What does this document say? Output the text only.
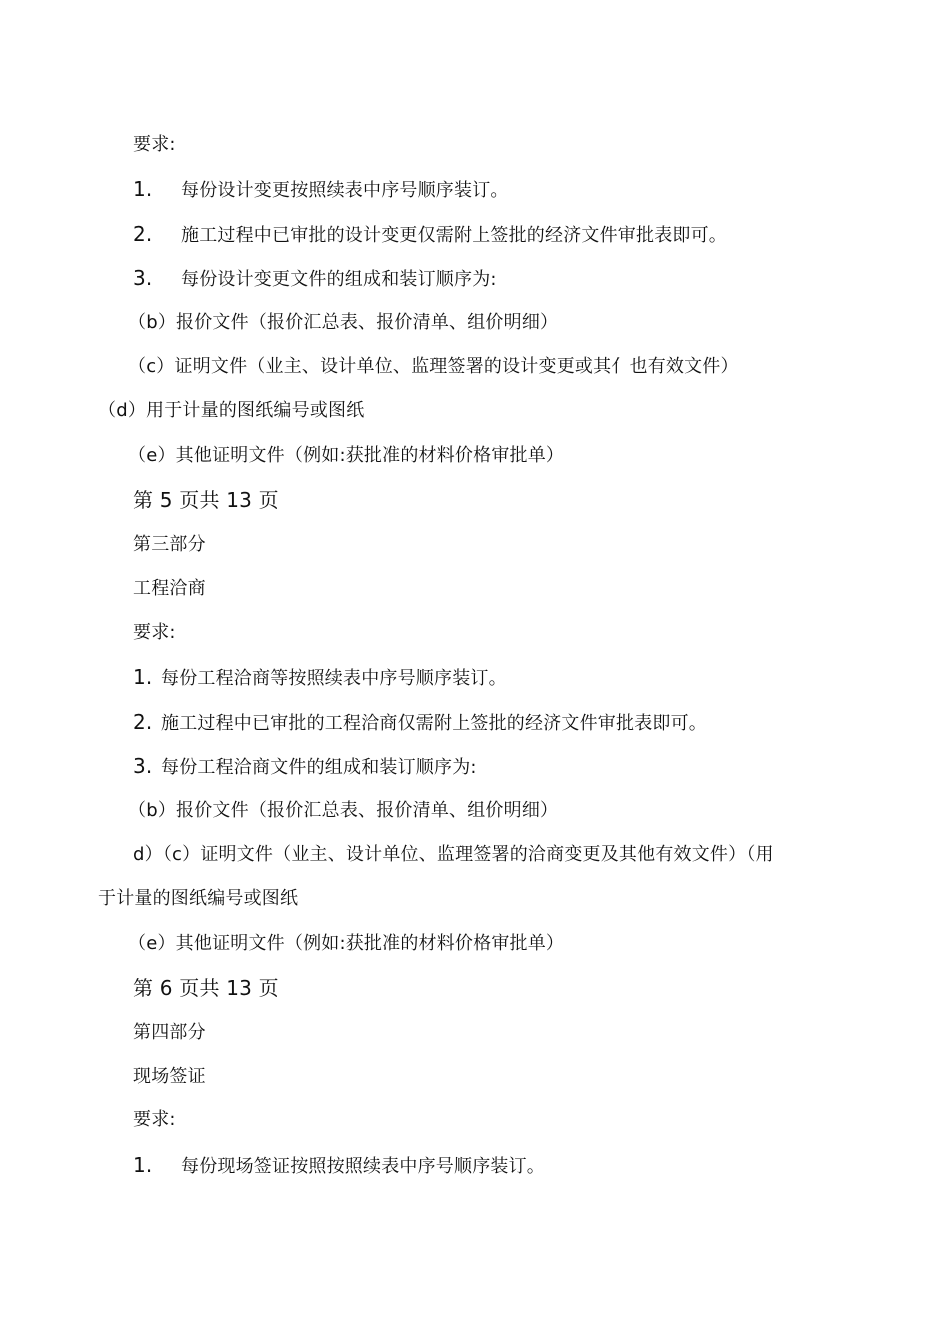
要求:
1. 每份设计变更按照续表中序号顺序装订。
2. 施工过程中已审批的设计变更仅需附上签批的经济文件审批表即可。
3. 每份设计变更文件的组成和装订顺序为:
（b）报价文件（报价汇总表、报价清单、组价明细）
（c）证明文件（业主、设计单位、监理签署的设计变更或其亻也有效文件）
（d）用于计量的图纸编号或图纸
（e）其他证明文件（例如:获批准的材料价格审批单）
第 5 页共 13 页
第三部分
工程洽商
要求:
1. 每份工程洽商等按照续表中序号顺序装订。
2. 施工过程中已审批的工程洽商仅需附上签批的经济文件审批表即可。
3. 每份工程洽商文件的组成和装订顺序为:
（b）报价文件（报价汇总表、报价清单、组价明细）
d）（c）证明文件（业主、设计单位、监理签署的洽商变更及其他有效文件）（用
于计量的图纸编号或图纸
（e）其他证明文件（例如:获批准的材料价格审批单）
第 6 页共 13 页
第四部分
现场签证
要求:
1. 每份现场签证按照按照续表中序号顺序装订。
